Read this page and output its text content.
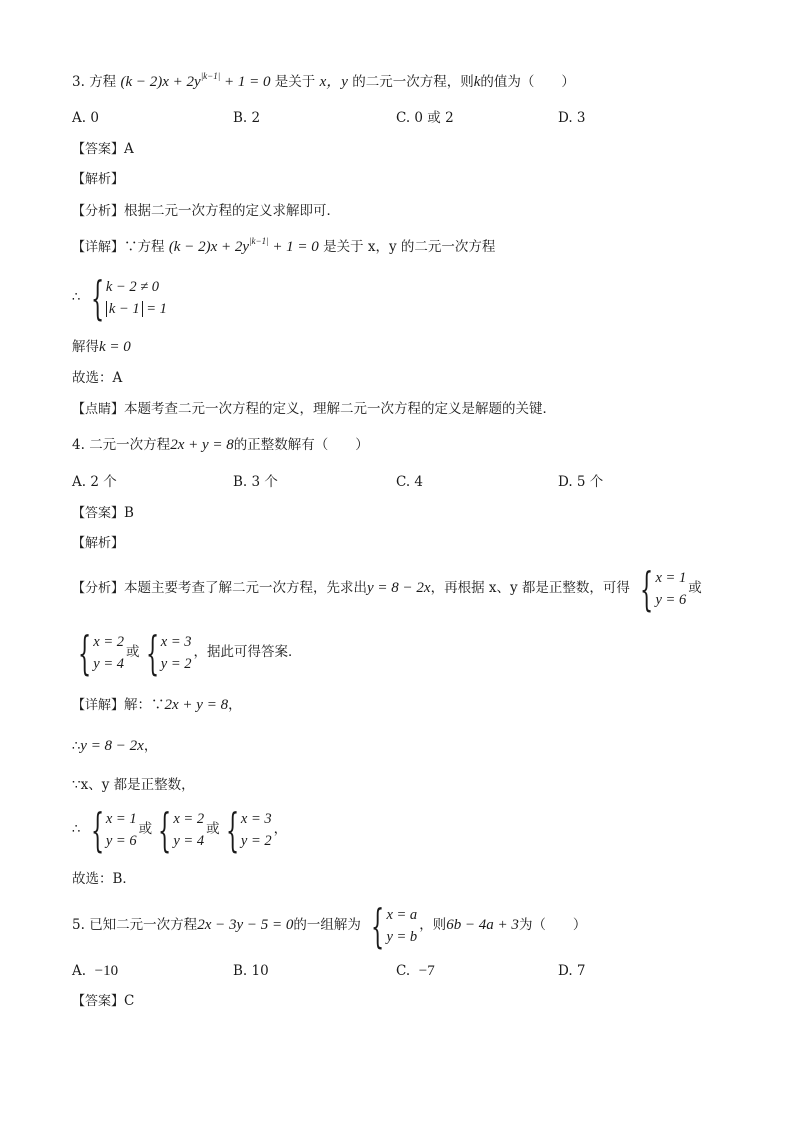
3. 方程 $(k - 2)x + 2y^{|k-1|} + 1 = 0$ 是关于 x，y 的二元一次方程，则k的值为（　　）
A. 0	B. 2	C. 0 或 2	D. 3
【答案】A
【解析】
【分析】根据二元一次方程的定义求解即可．
【详解】∵方程 $(k - 2)x + 2y^{|k-1|} + 1 = 0$ 是关于 x，y 的二元一次方程
∴ { k − 2 ≠ 0
k − 1 = 1
解得k = 0
故选：A
【点睛】本题考查二元一次方程的定义，理解二元一次方程的定义是解题的关键．
4. 二元一次方程2x + y = 8的正整数解有（　　）
A. 2 个	B. 3 个	C. 4	D. 5 个
【答案】B
【解析】
【分析】本题主要考查了解二元一次方程，先求出y = 8 − 2x，再根据 x、y 都是正整数，可得 { x = 1
y = 6
或
{ x = 2
y = 4
或 { x = 3
y = 2
，据此可得答案．
【详解】解：∵2x + y = 8，
∴y = 8 − 2x，
∵x、y 都是正整数，
∴ { x = 1
y = 6
或 { x = 2
y = 4
或 { x = 3
y = 2
，
故选：B．
5. 已知二元一次方程2x − 3y − 5 = 0的一组解为 { x = a
y = b
，则6b − 4a + 3为（　　）
A. −10	B. 10	C. −7	D. 7
【答案】C
